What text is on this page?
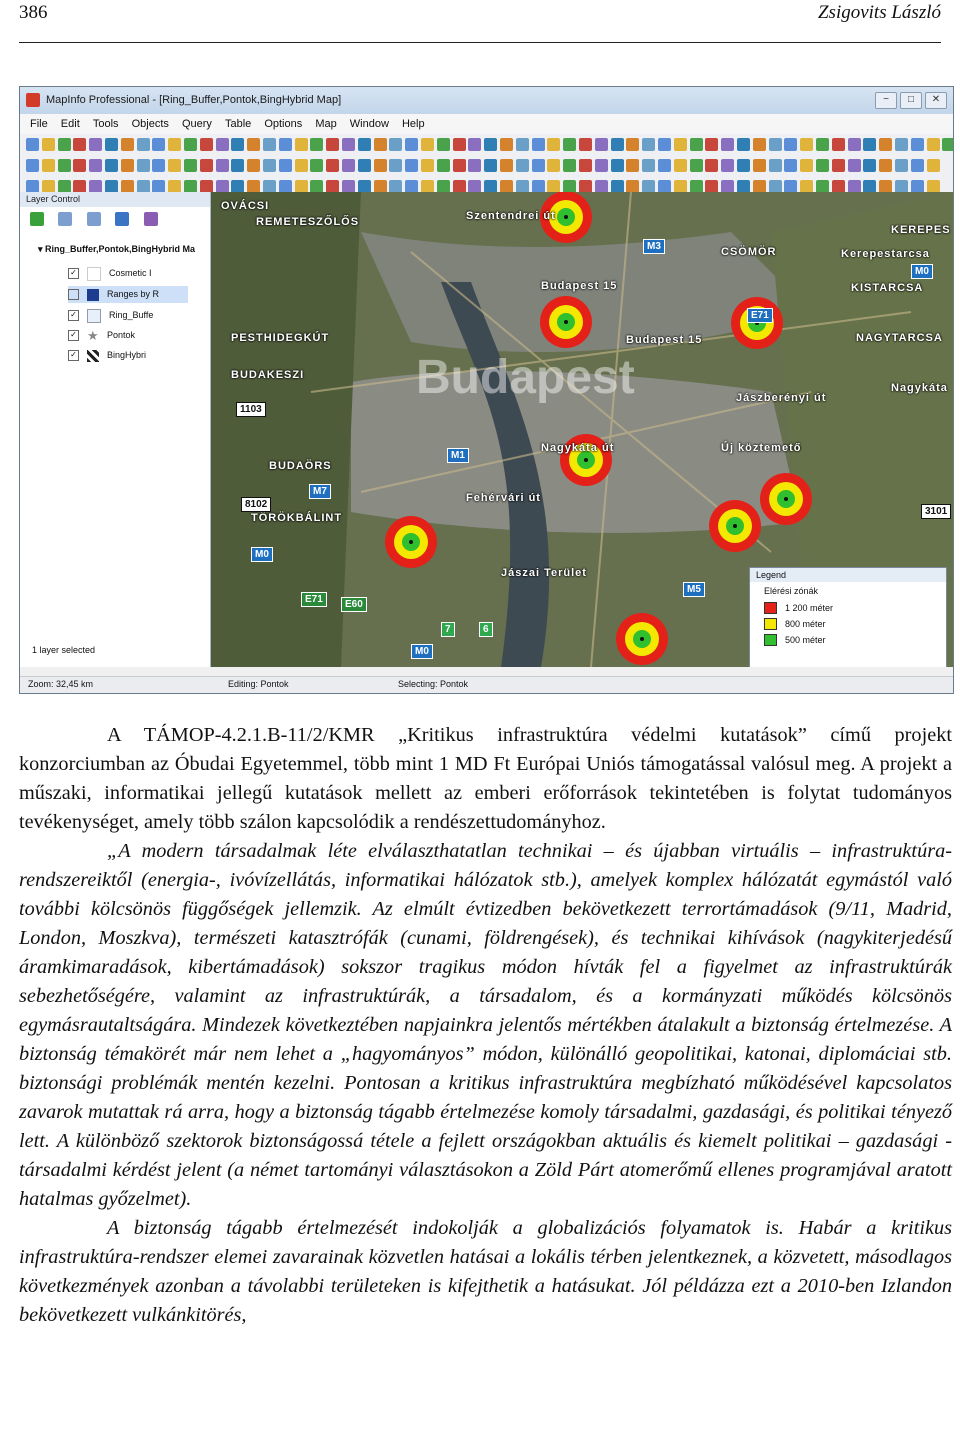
386	Zsigovits László
MapInfo Professional - [Ring_Buffer,Pontok,BingHybrid Map]	−	□	✕
File Edit Tools Objects Query Table Options Map Window Help
Layer Control

▾ Ring_Buffer,Pontok,BingHybrid Ma
✓	Cosmetic I
Ranges by R
✓	Ring_Buffe
✓ ★ Pontok
✓	BingHybri
1 layer selected
Budapest
OVÁCSI
REMETESZŐLŐS
PESTHIDEGKÚT
BUDAKESZI
BUDAÖRS
TÖRÖKBÁLINT
Budapest 15
Budapest 15
CSÖMÖR
KEREPES
Kerepestarcsa
KISTARCSA
NAGYTARCSA
Jászberényi út
Új köztemető
Nagykáta
Nagykáta út
Szentendrei út
Fehérvári út
Jászai Terület
M3
E71
M0
1103
8102
M1
M7
7
M0
E71	E60
M0
6
M5
3101
Legend
Elérési zónák
1 200 méter
800 méter
500 méter
Zoom: 32,45 km	Editing: Pontok	Selecting: Pontok

A TÁMOP-4.2.1.B-11/2/KMR „Kritikus infrastruktúra védelmi kutatások” című projekt konzorciumban az Óbudai Egyetemmel, több mint 1 MD Ft Európai Uniós támogatással valósul meg. A projekt a műszaki, informatikai jellegű kutatások mellett az emberi erőforrások tekintetében is folytat tudományos tevékenységet, amely több szálon kapcsolódik a rendészettudományhoz.

„A modern társadalmak léte elválaszthatatlan technikai – és újabban virtuális – infrastruktúra-rendszereiktől (energia-, ivóvízellátás, informatikai hálózatok stb.), amelyek komplex hálózatát egymástól való további kölcsönös függőségek jellemzik. Az elmúlt évtizedben bekövetkezett terrortámadások (9/11, Madrid, London, Moszkva), természeti katasztrófák (cunami, földrengések), és technikai kihívások (nagykiterjedésű áramkimaradások, kibertámadások) sokszor tragikus módon hívták fel a figyelmet az infrastruktúrák sebezhetőségére, valamint az infrastruktúrák, a társadalom, és a kormányzati működés kölcsönös egymásrautaltságára. Mindezek következtében napjainkra jelentős mértékben átalakult a biztonság értelmezése. A biztonság témakörét már nem lehet a „hagyományos” módon, különálló geopolitikai, katonai, diplomáciai stb. biztonsági problémák mentén kezelni. Pontosan a kritikus infrastruktúra megbízható működésével kapcsolatos zavarok mutattak rá arra, hogy a biztonság tágabb értelmezése komoly társadalmi, gazdasági, és politikai tényező lett. A különböző szektorok biztonságossá tétele a fejlett országokban aktuális és kiemelt politikai – gazdasági - társadalmi kérdést jelent (a német tartományi választásokon a Zöld Párt atomerőmű ellenes programjával aratott hatalmas győzelmet).

A biztonság tágabb értelmezését indokolják a globalizációs folyamatok is. Habár a kritikus infrastruktúra-rendszer elemei zavarainak közvetlen hatásai a lokális térben jelentkeznek, a közvetett, másodlagos következmények azonban a távolabbi területeken is kifejthetik a hatásukat. Jól példázza ezt a 2010-ben Izlandon bekövetkezett vulkánkitörés,
